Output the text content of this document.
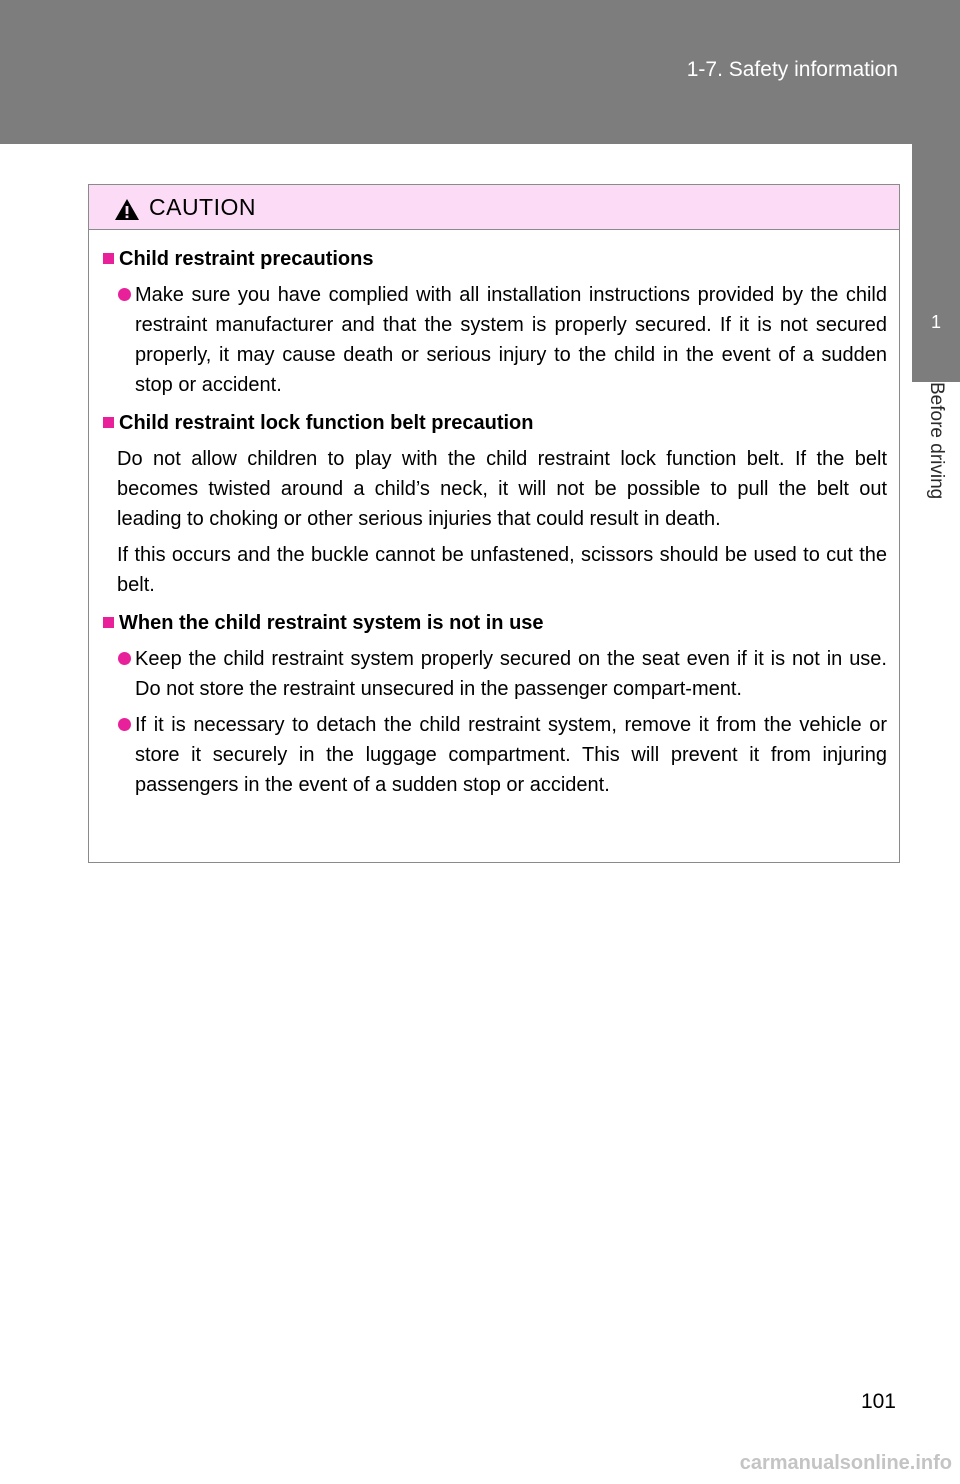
1-7. Safety information
1
Before driving
CAUTION
Child restraint precautions
Make sure you have complied with all installation instructions provided by the child restraint manufacturer and that the system is properly secured. If it is not secured properly, it may cause death or serious injury to the child in the event of a sudden stop or accident.
Child restraint lock function belt precaution
Do not allow children to play with the child restraint lock function belt. If the belt becomes twisted around a child’s neck, it will not be possible to pull the belt out leading to choking or other serious injuries that could result in death.
If this occurs and the buckle cannot be unfastened, scissors should be used to cut the belt.
When the child restraint system is not in use
Keep the child restraint system properly secured on the seat even if it is not in use. Do not store the restraint unsecured in the passenger compart-ment.
If it is necessary to detach the child restraint system, remove it from the vehicle or store it securely in the luggage compartment. This will prevent it from injuring passengers in the event of a sudden stop or accident.
101
carmanualsonline.info
